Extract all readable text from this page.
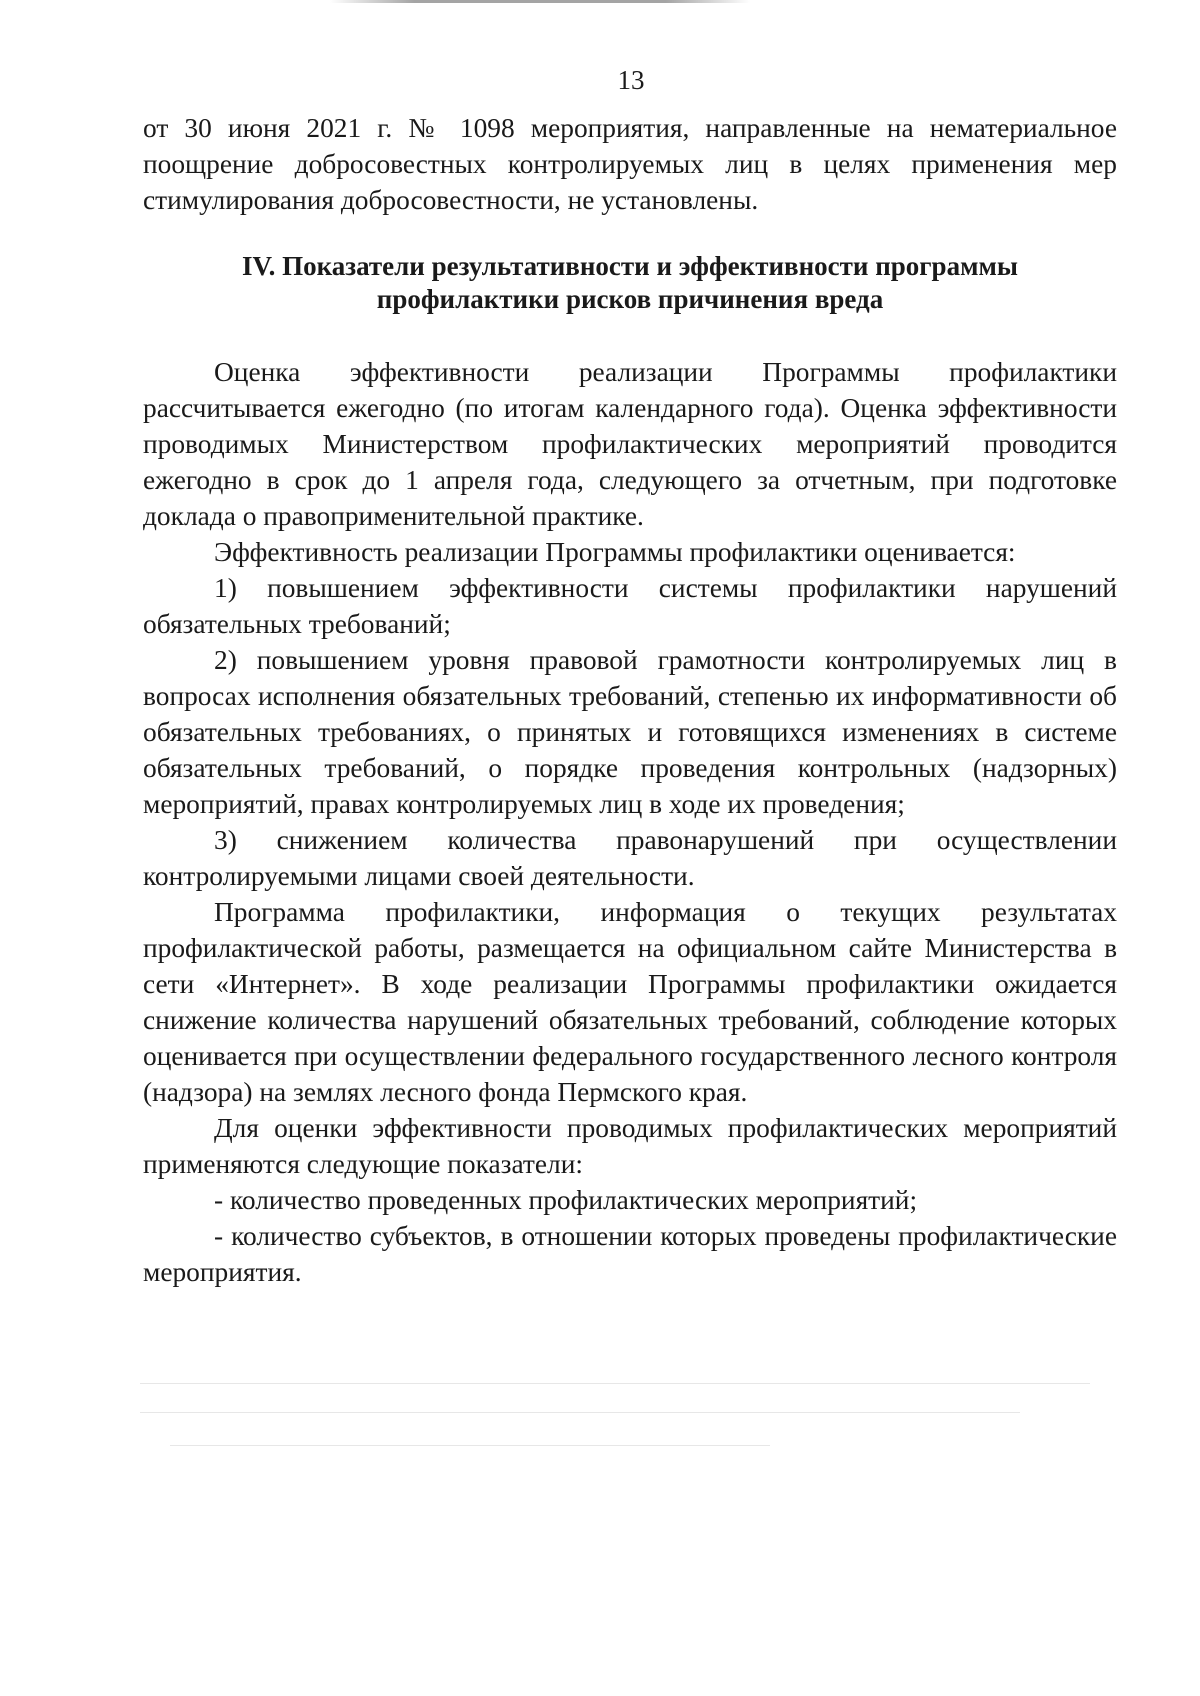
13

от 30 июня 2021 г. № 1098 мероприятия, направленные на нематериальное поощрение добросовестных контролируемых лиц в целях применения мер стимулирования добросовестности, не установлены.

IV. Показатели результативности и эффективности программы
профилактики рисков причинения вреда

Оценка эффективности реализации Программы профилактики рассчитывается ежегодно (по итогам календарного года). Оценка эффективности проводимых Министерством профилактических мероприятий проводится ежегодно в срок до 1 апреля года, следующего за отчетным, при подготовке доклада о правоприменительной практике.

Эффективность реализации Программы профилактики оценивается:

1) повышением эффективности системы профилактики нарушений обязательных требований;

2) повышением уровня правовой грамотности контролируемых лиц в вопросах исполнения обязательных требований, степенью их информативности об обязательных требованиях, о принятых и готовящихся изменениях в системе обязательных требований, о порядке проведения контрольных (надзорных) мероприятий, правах контролируемых лиц в ходе их проведения;

3) снижением количества правонарушений при осуществлении контролируемыми лицами своей деятельности.

Программа профилактики, информация о текущих результатах профилактической работы, размещается на официальном сайте Министерства в сети «Интернет». В ходе реализации Программы профилактики ожидается снижение количества нарушений обязательных требований, соблюдение которых оценивается при осуществлении федерального государственного лесного контроля (надзора) на землях лесного фонда Пермского края.

Для оценки эффективности проводимых профилактических мероприятий применяются следующие показатели:

- количество проведенных профилактических мероприятий;

- количество субъектов, в отношении которых проведены профилактические мероприятия.
